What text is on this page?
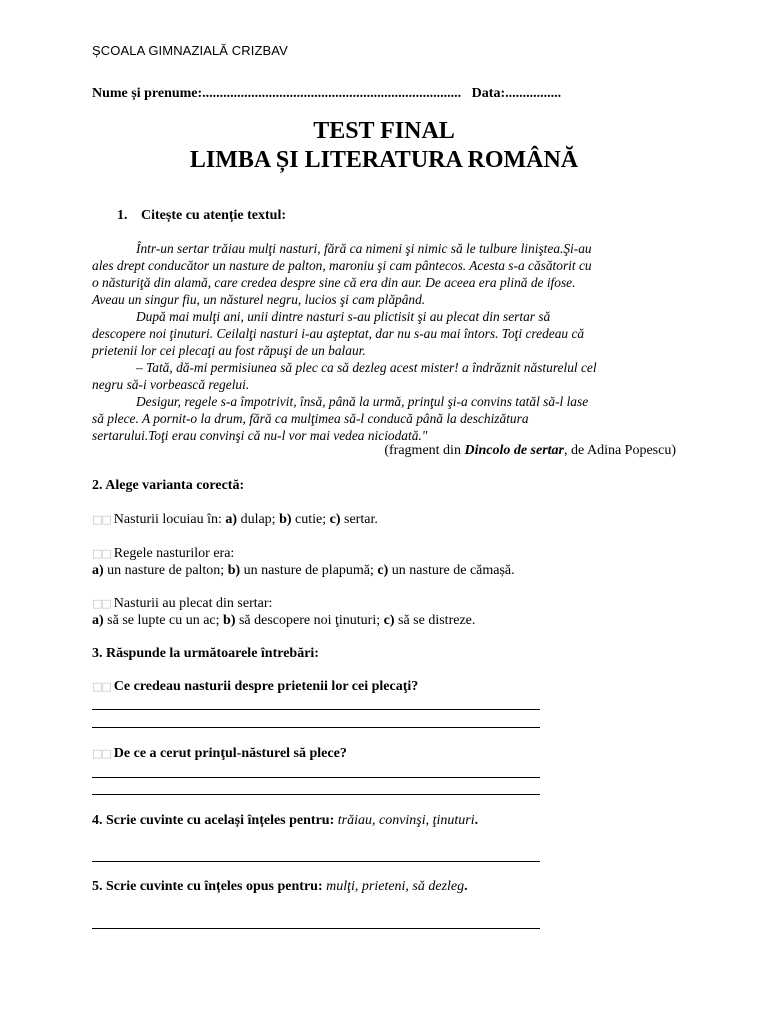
ȘCOALA GIMNAZIALĂ CRIZBAV
Nume și prenume:..........................................................................   Data:................
TEST FINAL
LIMBA ȘI LITERATURA ROMÂNĂ
1. Citește cu atenție textul:
Într-un sertar trăiau mulţi nasturi, fără ca nimeni şi nimic să le tulbure liniştea.Şi-au
ales drept conducător un nasture de palton, maroniu şi cam pântecos. Acesta s-a căsătorit cu
o năsturiţă din alamă, care credea despre sine că era din aur. De aceea era plină de ifose.
Aveau un singur fiu, un năsturel negru, lucios şi cam plăpând.
După mai mulţi ani, unii dintre nasturi s-au plictisit şi au plecat din sertar să
descopere noi ţinuturi. Ceilalţi nasturi i-au aşteptat, dar nu s-au mai întors. Toţi credeau că
prietenii lor cei plecaţi au fost răpuşi de un balaur.
– Tată, dă-mi permisiunea să plec ca să dezleg acest mister! a îndrăznit năsturelul cel
negru să-i vorbească regelui.
Desigur, regele s-a împotrivit, însă, până la urmă, prinţul şi-a convins tatăl să-l lase
să plece. A pornit-o la drum, fără ca mulţimea să-l conducă până la deschizătura
sertarului.Toţi erau convinşi că nu-l vor mai vedea niciodată."
(fragment din Dincolo de sertar, de Adina Popescu)
2. Alege varianta corectă:
□□ Nasturii locuiau în: a) dulap; b) cutie; c) sertar.
□□ Regele nasturilor era:
a) un nasture de palton; b) un nasture de plapumă; c) un nasture de cămașă.
□□ Nasturii au plecat din sertar:
a) să se lupte cu un ac; b) să descopere noi ţinuturi; c) să se distreze.
3. Răspunde la următoarele întrebări:
□□ Ce credeau nasturii despre prietenii lor cei plecaţi?
□□ De ce a cerut prinţul-năsturel să plece?
4. Scrie cuvinte cu același înțeles pentru: trăiau, convinşi, ţinuturi.
5. Scrie cuvinte cu înțeles opus pentru: mulţi, prieteni, să dezleg.
